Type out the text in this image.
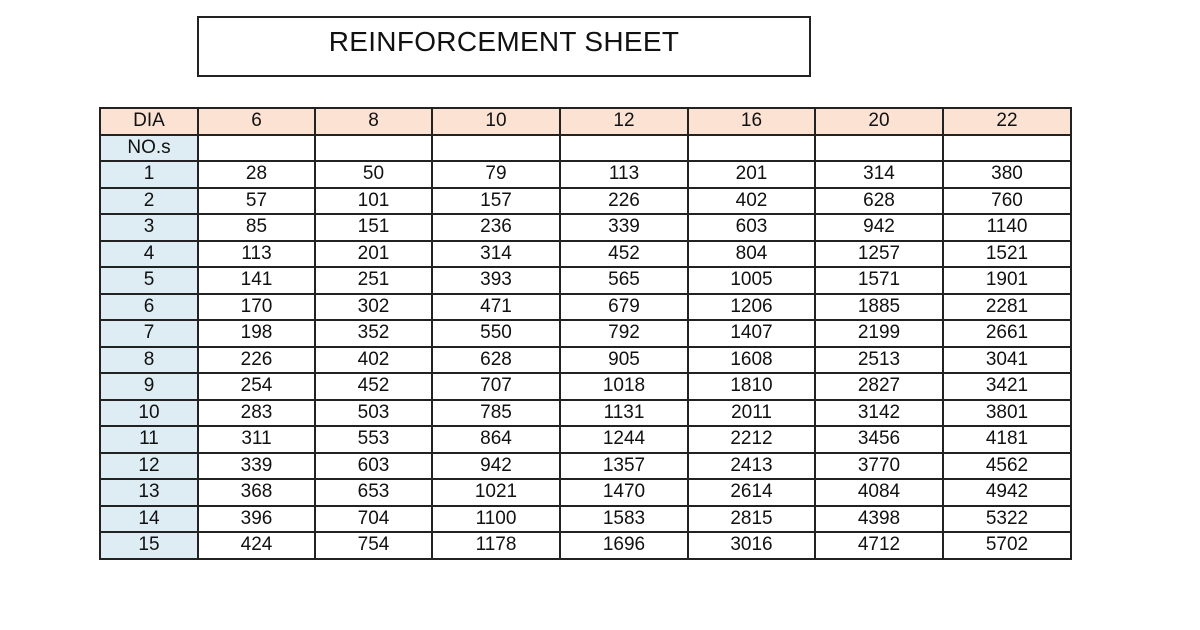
REINFORCEMENT SHEET
DIA	6	8	10	12	16	20	22
NO.s							
1	28	50	79	113	201	314	380
2	57	101	157	226	402	628	760
3	85	151	236	339	603	942	1140
4	113	201	314	452	804	1257	1521
5	141	251	393	565	1005	1571	1901
6	170	302	471	679	1206	1885	2281
7	198	352	550	792	1407	2199	2661
8	226	402	628	905	1608	2513	3041
9	254	452	707	1018	1810	2827	3421
10	283	503	785	1131	2011	3142	3801
11	311	553	864	1244	2212	3456	4181
12	339	603	942	1357	2413	3770	4562
13	368	653	1021	1470	2614	4084	4942
14	396	704	1100	1583	2815	4398	5322
15	424	754	1178	1696	3016	4712	5702
